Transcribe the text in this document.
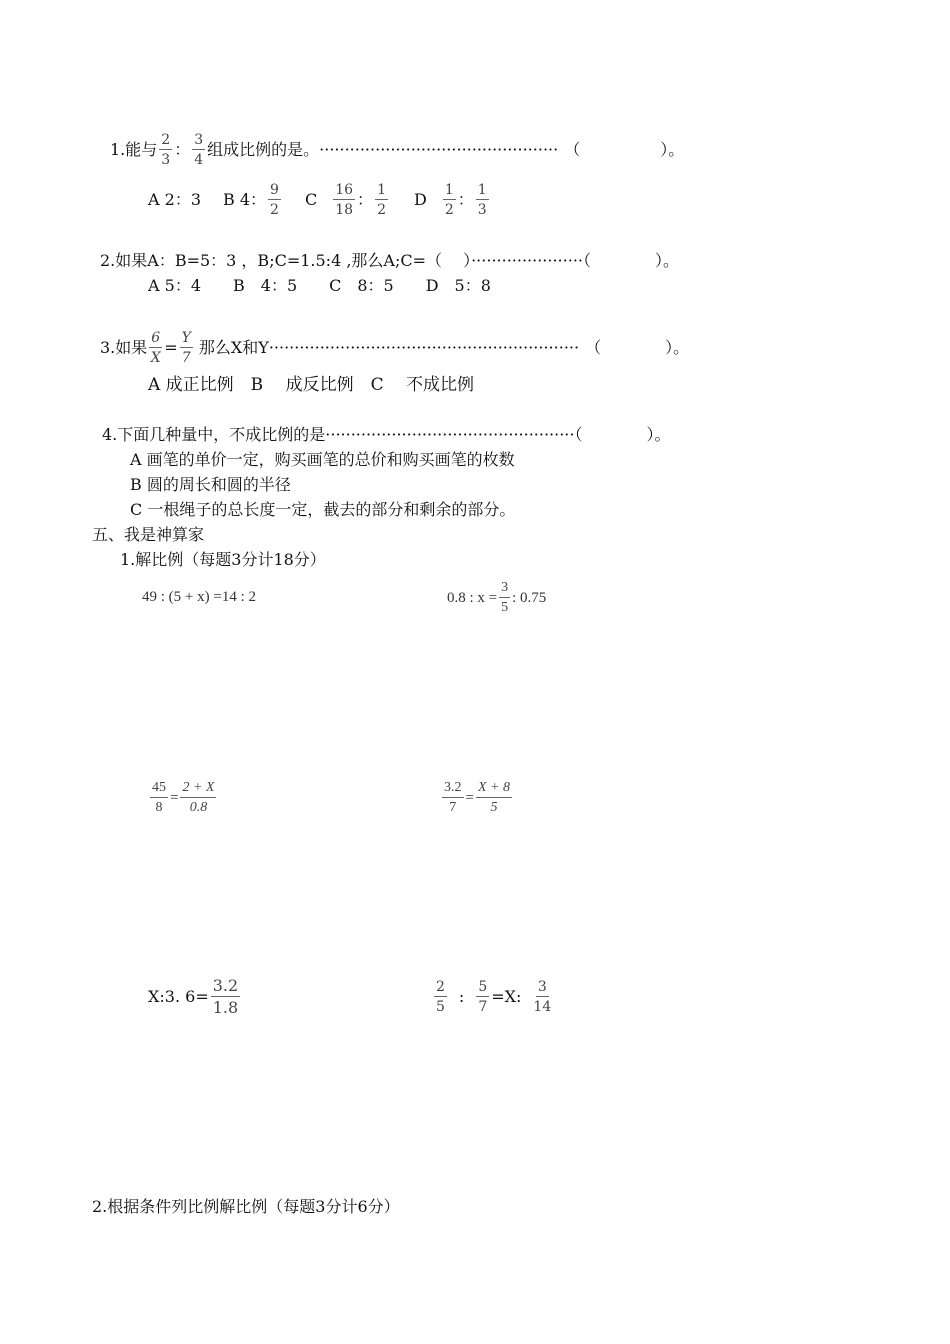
1. 能与 $\frac{2}{3}$ ： $\frac{3}{4}$ 组成比例的是。 ··············································· （　　　　　）。
A 2：3 B 4： $\frac{9}{2}$ C $\frac{16}{18}$ ： $\frac{1}{2}$ D $\frac{1}{2}$ ： $\frac{1}{3}$
2.如果A：B=5：3 ，B;C=1.5:4 ,那么A;C=（　 ）······················（　　　　）。
A 5：4　　B　4：5　　C　8：5　　D　5：8
3.如果 $\frac{6}{X} = \frac{Y}{7}$ 那么X和Y ····························································· （　　　　）。
A 成正比例　B　 成反比例　C　 不成比例
4.下面几种量中，不成比例的是·················································（　　　　）。
A 画笔的单价一定，购买画笔的总价和购买画笔的枚数
B 圆的周长和圆的半径
C 一根绳子的总长度一定，截去的部分和剩余的部分。
五、我是神算家
1.解比例（每题3分计18分）
49 : (5 + x) =14 : 2	0.8 : $x = \frac{3}{5}$ : 0.75
$\frac{45}{8} = \frac{2 + X}{0.8}$	$\frac{3.2}{7} = \frac{X + 8}{5}$
X:3. $6= \frac{3.2}{1.8}$	$\frac{2}{5}$ : $\frac{5}{7} =X$: $\frac{3}{14}$
2.根据条件列比例解比例（每题3分计6分）
